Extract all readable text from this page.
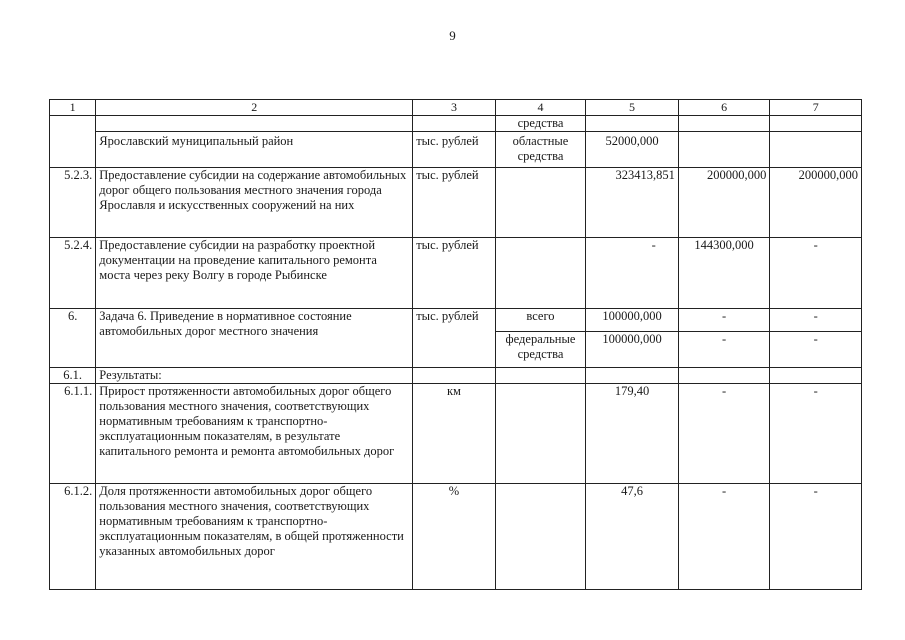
9
1	2	3	4	5	6	7
			средства			
	Ярославский муниципальный район	тыс. рублей	областные средства	52000,000		
5.2.3.	Предоставление субсидии на содержание автомобильных дорог общего пользования местного значения города Ярославля и искусственных сооружений на них	тыс. рублей		323413,851	200000,000	200000,000
5.2.4.	Предоставление субсидии на разработку проектной документации на проведение капитального ремонта моста через реку Волгу в городе Рыбинске	тыс. рублей		-	144300,000	-
6.	Задача 6. Приведение в нормативное состояние автомобильных дорог местного значения	тыс. рублей	всего	100000,000	-	-
			федеральные средства	100000,000	-	-
6.1.	Результаты:					
6.1.1.	Прирост протяженности автомобильных дорог общего пользования местного значения, соответствующих нормативным требованиям к транспортно-эксплуатационным показателям, в результате капитального ремонта и ремонта автомобильных дорог	км		179,40	-	-
6.1.2.	Доля протяженности автомобильных дорог общего пользования местного значения, соответствующих нормативным требованиям к транспортно-эксплуатационным показателям, в общей протяженности указанных автомобильных дорог	%		47,6	-	-
